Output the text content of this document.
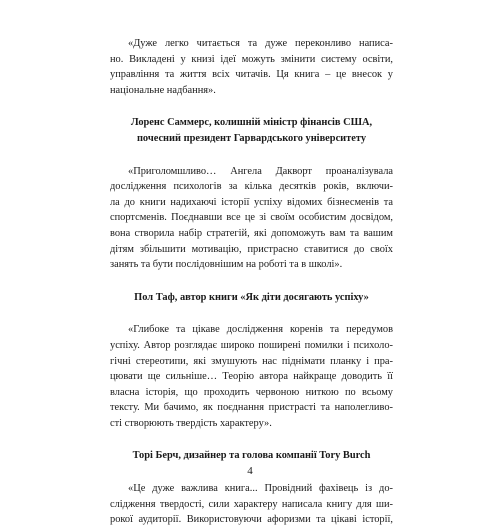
«Дуже легко читається та дуже переконливо написа-
но. Викладені у книзі ідеї можуть змінити систему освіти,
управління та життя всіх читачів. Ця книга – це внесок у
національне надбання».

Лоренс Саммерс, колишній міністр фінансів США,
почесний президент Гарвардського університету

«Приголомшливо… Ангела Дакворт проаналізувала
дослідження психологів за кілька десятків років, включи-
ла до книги надихаючі історії успіху відомих бізнесменів та
спортсменів. Поєднавши все це зі своїм особистим досвідом,
вона створила набір стратегій, які допоможуть вам та вашим
дітям збільшити мотивацію, пристрасно ставитися до своїх
занять та бути послідовнішим на роботі та в школі».

Пол Таф, автор книги «Як діти досягають успіху»

«Глибоке та цікаве дослідження коренів та передумов
успіху. Автор розглядає широко поширені помилки і психоло-
гічні стереотипи, які змушують нас піднімати планку і пра-
цювати ще сильніше… Теорію автора найкраще доводить її
власна історія, що проходить червоною ниткою по всьому
тексту. Ми бачимо, як поєднання пристрасті та наполегливо-
сті створюють твердість характеру».

Торі Берч, дизайнер та голова компанії Tory Burch

«Це дуже важлива книга... Провідний фахівець із до-
слідження твердості, сили характеру написала книгу для ши-
рокої аудиторії. Використовуючи афоризми та цікаві історії,

4
